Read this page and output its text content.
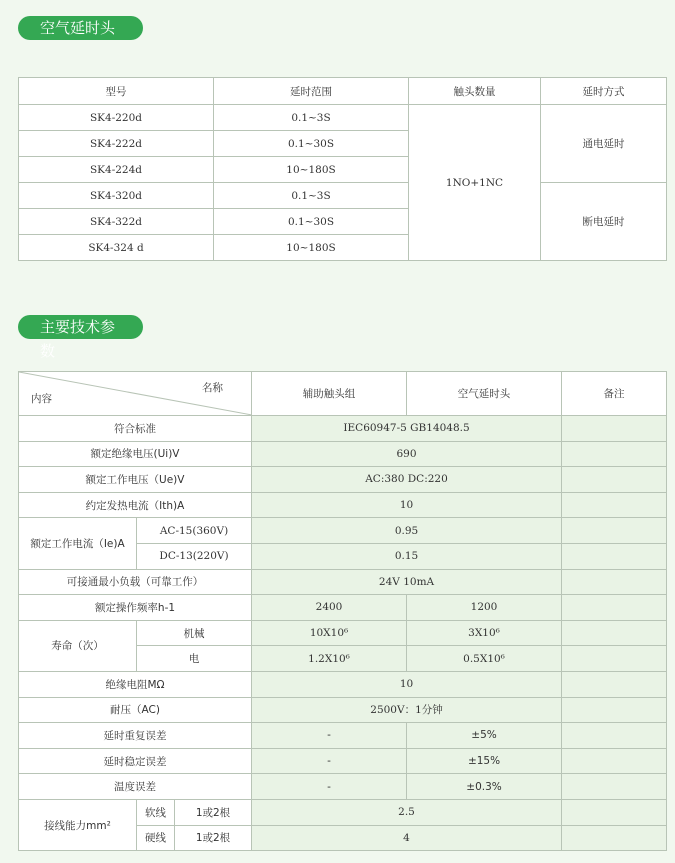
空气延时头
型号	延时范围	触头数量	延时方式
SK4-220d	0.1~3S	1NO+1NC	通电延时
SK4-222d	0.1~30S		
SK4-224d	10~180S		
SK4-320d	0.1~3S		断电延时
SK4-322d	0.1~30S		
SK4-324 d	10~180S		
主要技术参数
名称
内容			辅助触头组	空气延时头	备注
符合标准			IEC60947-5 GB14048.5		
额定绝缘电压(Ui)V			690		
额定工作电压（Ue)V			AC:380 DC:220		
约定发热电流（Ith)A			10		
额定工作电流（Ie)A	AC-15(360V)		0.95		
	DC-13(220V)		0.15		
可接通最小负载（可靠工作）			24V 10mA		
额定操作频率h-1			2400	1200	
寿命（次）	机械		10X10⁶	3X10⁶	
	电		1.2X10⁶	0.5X10⁶	
绝缘电阻MΩ			10		
耐压（AC)			2500V：1分钟		
延时重复误差			-	±5%	
延时稳定误差			-	±15%	
温度误差			-	±0.3%	
接线能力mm²	软线	1或2根	2.5		
	硬线	1或2根	4		
